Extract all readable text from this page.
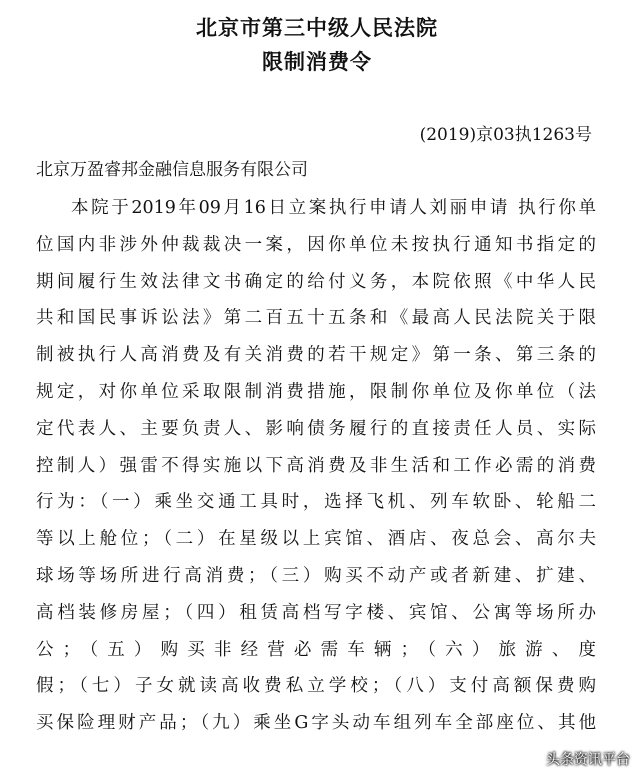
北京市第三中级人民法院
限制消费令
(2019)京03执1263号
北京万盈睿邦金融信息服务有限公司
本院于2019年09月16日立案执行申请人刘丽申请 执行你单
位国内非涉外仲裁裁决一案，因你单位未按执行通知书指定的
期间履行生效法律文书确定的给付义务，本院依照《中华人民
共和国民事诉讼法》第二百五十五条和《最高人民法院关于限
制被执行人高消费及有关消费的若干规定》第一条、第三条的
规定，对你单位采取限制消费措施，限制你单位及你单位（法
定代表人、主要负责人、影响债务履行的直接责任人员、实际
控制人）强雷不得实施以下高消费及非生活和工作必需的消费
行为：（一）乘坐交通工具时，选择飞机、列车软卧、轮船二
等以上舱位；（二）在星级以上宾馆、酒店、夜总会、高尔夫
球场等场所进行高消费；（三）购买不动产或者新建、扩建、
高档装修房屋；（四）租赁高档写字楼、宾馆、公寓等场所办
公；（五）购买非经营必需车辆；（六）旅游、度
假；（七）子女就读高收费私立学校；（八）支付高额保费购
买保险理财产品；（九）乘坐G字头动车组列车全部座位、其他
头条资讯平台
